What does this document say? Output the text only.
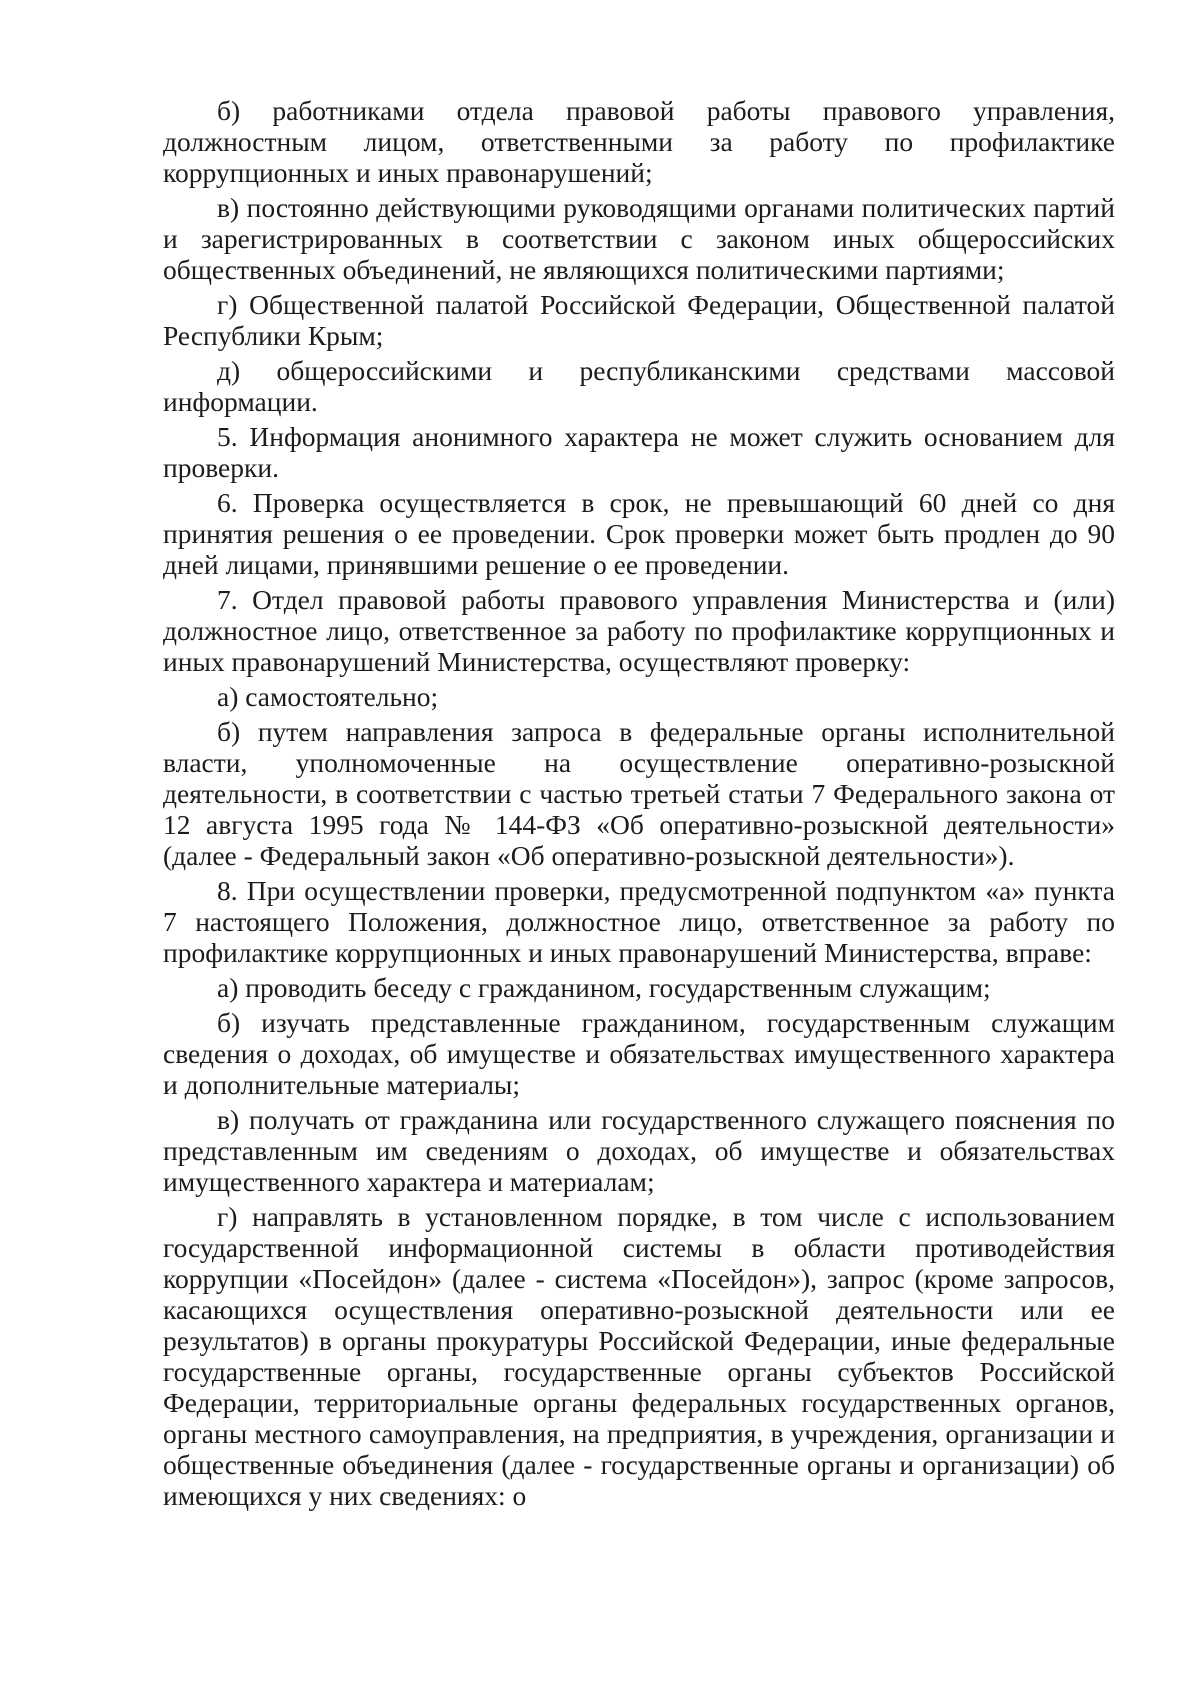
б) работниками отдела правовой работы правового управления, должностным лицом, ответственными за работу по профилактике коррупционных и иных правонарушений;

в) постоянно действующими руководящими органами политических партий и зарегистрированных в соответствии с законом иных общероссийских общественных объединений, не являющихся политическими партиями;

г) Общественной палатой Российской Федерации, Общественной палатой Республики Крым;

д) общероссийскими и республиканскими средствами массовой информации.

5. Информация анонимного характера не может служить основанием для проверки.

6. Проверка осуществляется в срок, не превышающий 60 дней со дня принятия решения о ее проведении. Срок проверки может быть продлен до 90 дней лицами, принявшими решение о ее проведении.

7. Отдел правовой работы правового управления Министерства и (или) должностное лицо, ответственное за работу по профилактике коррупционных и иных правонарушений Министерства, осуществляют проверку:

а) самостоятельно;

б) путем направления запроса в федеральные органы исполнительной власти, уполномоченные на осуществление оперативно-розыскной деятельности, в соответствии с частью третьей статьи 7 Федерального закона от 12 августа 1995 года № 144-ФЗ «Об оперативно-розыскной деятельности» (далее - Федеральный закон «Об оперативно-розыскной деятельности»).

8. При осуществлении проверки, предусмотренной подпунктом «а» пункта 7 настоящего Положения, должностное лицо, ответственное за работу по профилактике коррупционных и иных правонарушений Министерства, вправе:

а) проводить беседу с гражданином, государственным служащим;

б) изучать представленные гражданином, государственным служащим сведения о доходах, об имуществе и обязательствах имущественного характера и дополнительные материалы;

в) получать от гражданина или государственного служащего пояснения по представленным им сведениям о доходах, об имуществе и обязательствах имущественного характера и материалам;

г) направлять в установленном порядке, в том числе с использованием государственной информационной системы в области противодействия коррупции «Посейдон» (далее - система «Посейдон»), запрос (кроме запросов, касающихся осуществления оперативно-розыскной деятельности или ее результатов) в органы прокуратуры Российской Федерации, иные федеральные государственные органы, государственные органы субъектов Российской Федерации, территориальные органы федеральных государственных органов, органы местного самоуправления, на предприятия, в учреждения, организации и общественные объединения (далее - государственные органы и организации) об имеющихся у них сведениях: о
